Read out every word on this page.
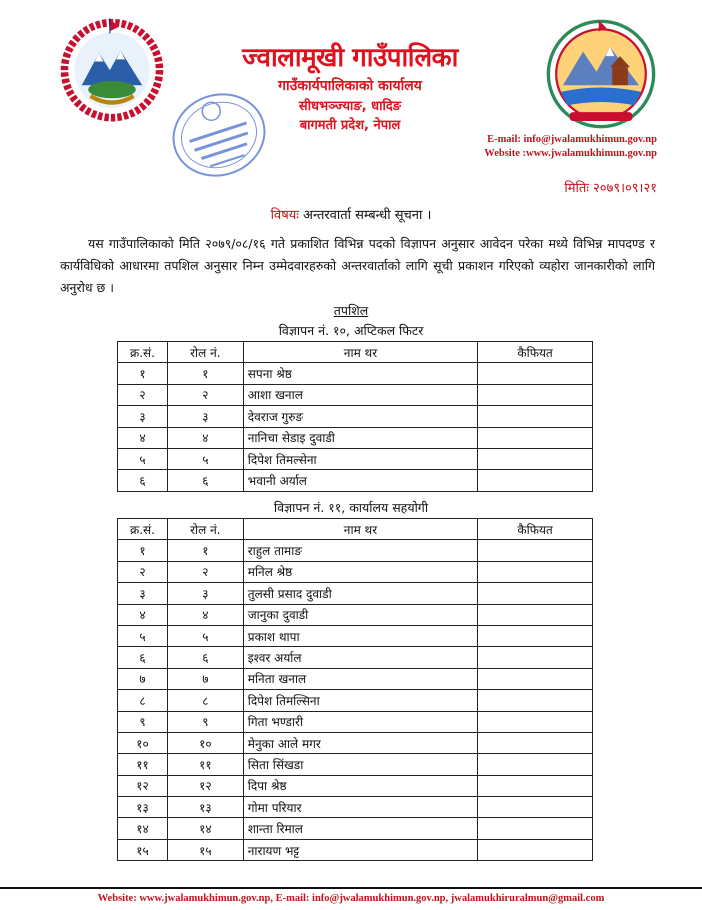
ज्वालामूखी गाउँपालिका
गाउँकार्यपालिकाको कार्यालय
सीधभञ्ज्याङ, धादिङ
बागमती प्रदेश, नेपाल
E-mail: info@jwalamukhimun.gov.np
Website :www.jwalamukhimun.gov.np
मितिः २०७९।०९।२१
विषयः अन्तरवार्ता सम्बन्धी सूचना ।
यस गाउँपालिकाको मिति २०७९/०८/१६ गते प्रकाशित विभिन्न पदको विज्ञापन अनुसार आवेदन परेका मध्ये विभिन्न मापदण्ड र कार्यविधिको आधारमा तपशिल अनुसार निम्न उम्मेदवारहरुको अन्तरवार्ताको लागि सूची प्रकाशन गरिएको व्यहोरा जानकारीको लागि अनुरोध छ ।
तपशिल
विज्ञापन नं. १०, अप्टिकल फिटर
क्र.सं.	रोल नं.	नाम थर	कैफियत
१	१	सपना श्रेष्ठ	
२	२	आशा खनाल	
३	३	देवराज गुरुङ	
४	४	नानिचा सेडाइ दुवाडी	
५	५	दिपेश तिमल्सेना	
६	६	भवानी अर्याल	
विज्ञापन नं. ११, कार्यालय सहयोगी
क्र.सं.	रोल नं.	नाम थर	कैफियत
१	१	राहुल तामाङ	
२	२	मनिल श्रेष्ठ	
३	३	तुलसी प्रसाद दुवाडी	
४	४	जानुका दुवाडी	
५	५	प्रकाश थापा	
६	६	इश्वर अर्याल	
७	७	मनिता खनाल	
८	८	दिपेश तिमल्सिना	
९	९	गिता भण्डारी	
१०	१०	मेनुका आले मगर	
११	११	सिता सिंखडा	
१२	१२	दिपा श्रेष्ठ	
१३	१३	गोमा परियार	
१४	१४	शान्ता रिमाल	
१५	१५	नारायण भट्ट	
Website: www.jwalamukhimun.gov.np, E-mail: info@jwalamukhimun.gov.np, jwalamukhiruralmun@gmail.com
